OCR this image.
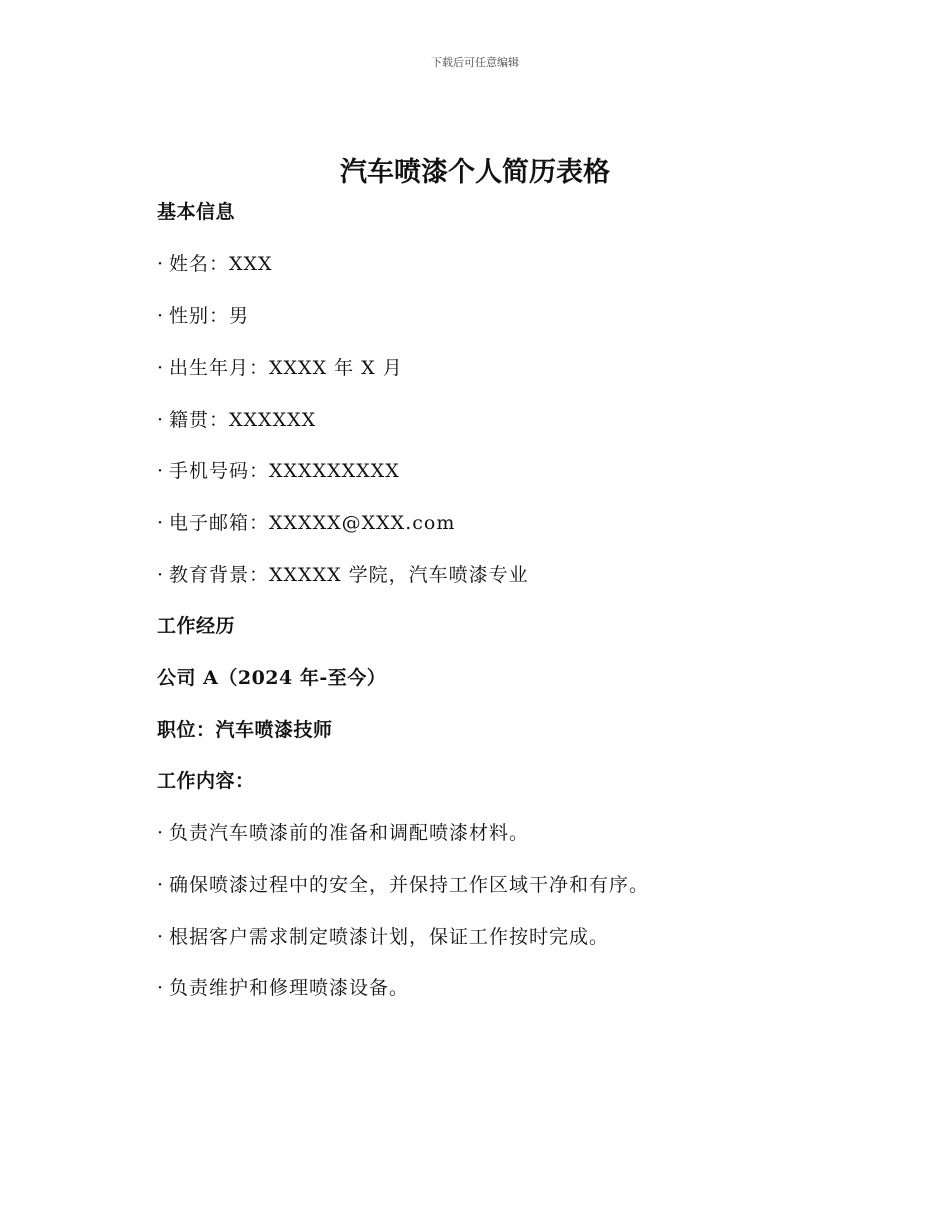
下载后可任意编辑
汽车喷漆个人简历表格

基本信息

· 姓名：XXX

· 性别：男

· 出生年月：XXXX 年 X 月

· 籍贯：XXXXXX

· 手机号码：XXXXXXXXX

· 电子邮箱：XXXXX@XXX.com

· 教育背景：XXXXX 学院，汽车喷漆专业

工作经历

公司 A（2024 年-至今）

职位：汽车喷漆技师

工作内容：

· 负责汽车喷漆前的准备和调配喷漆材料。

· 确保喷漆过程中的安全，并保持工作区域干净和有序。

· 根据客户需求制定喷漆计划，保证工作按时完成。

· 负责维护和修理喷漆设备。
